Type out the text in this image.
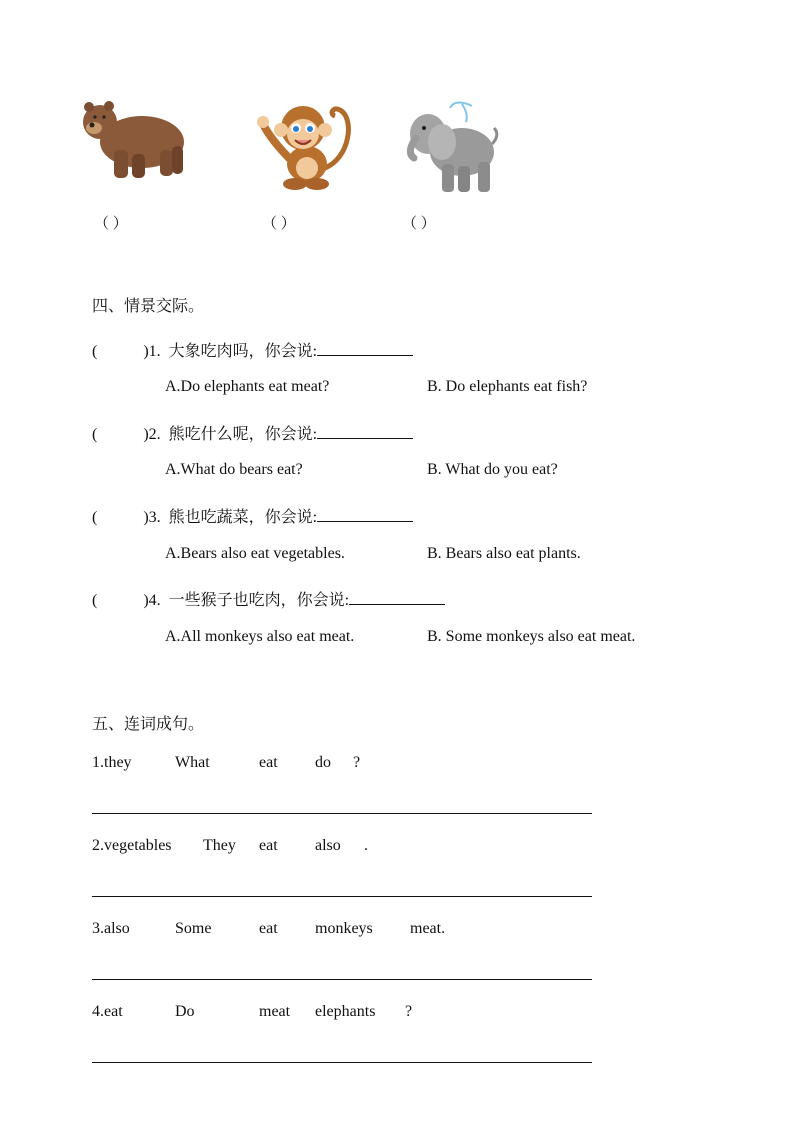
（ ）	（ ）	（ ）
四、情景交际。
(	)1. 大象吃肉吗，你会说:
A.Do elephants eat meat?	B. Do elephants eat fish?
(	)2. 熊吃什么呢，你会说:
A.What do bears eat?	B. What do you eat?
(	)3. 熊也吃蔬菜，你会说:
A.Bears also eat vegetables.	B. Bears also eat plants.
(	)4. 一些猴子也吃肉，你会说:
A.All monkeys also eat meat.	B. Some monkeys also eat meat.
五、连词成句。
1.they	What	eat do ?
2.vegetables They eat also .
3.also	Some	eat monkeys meat.
4.eat	Do	meat elephants ?
